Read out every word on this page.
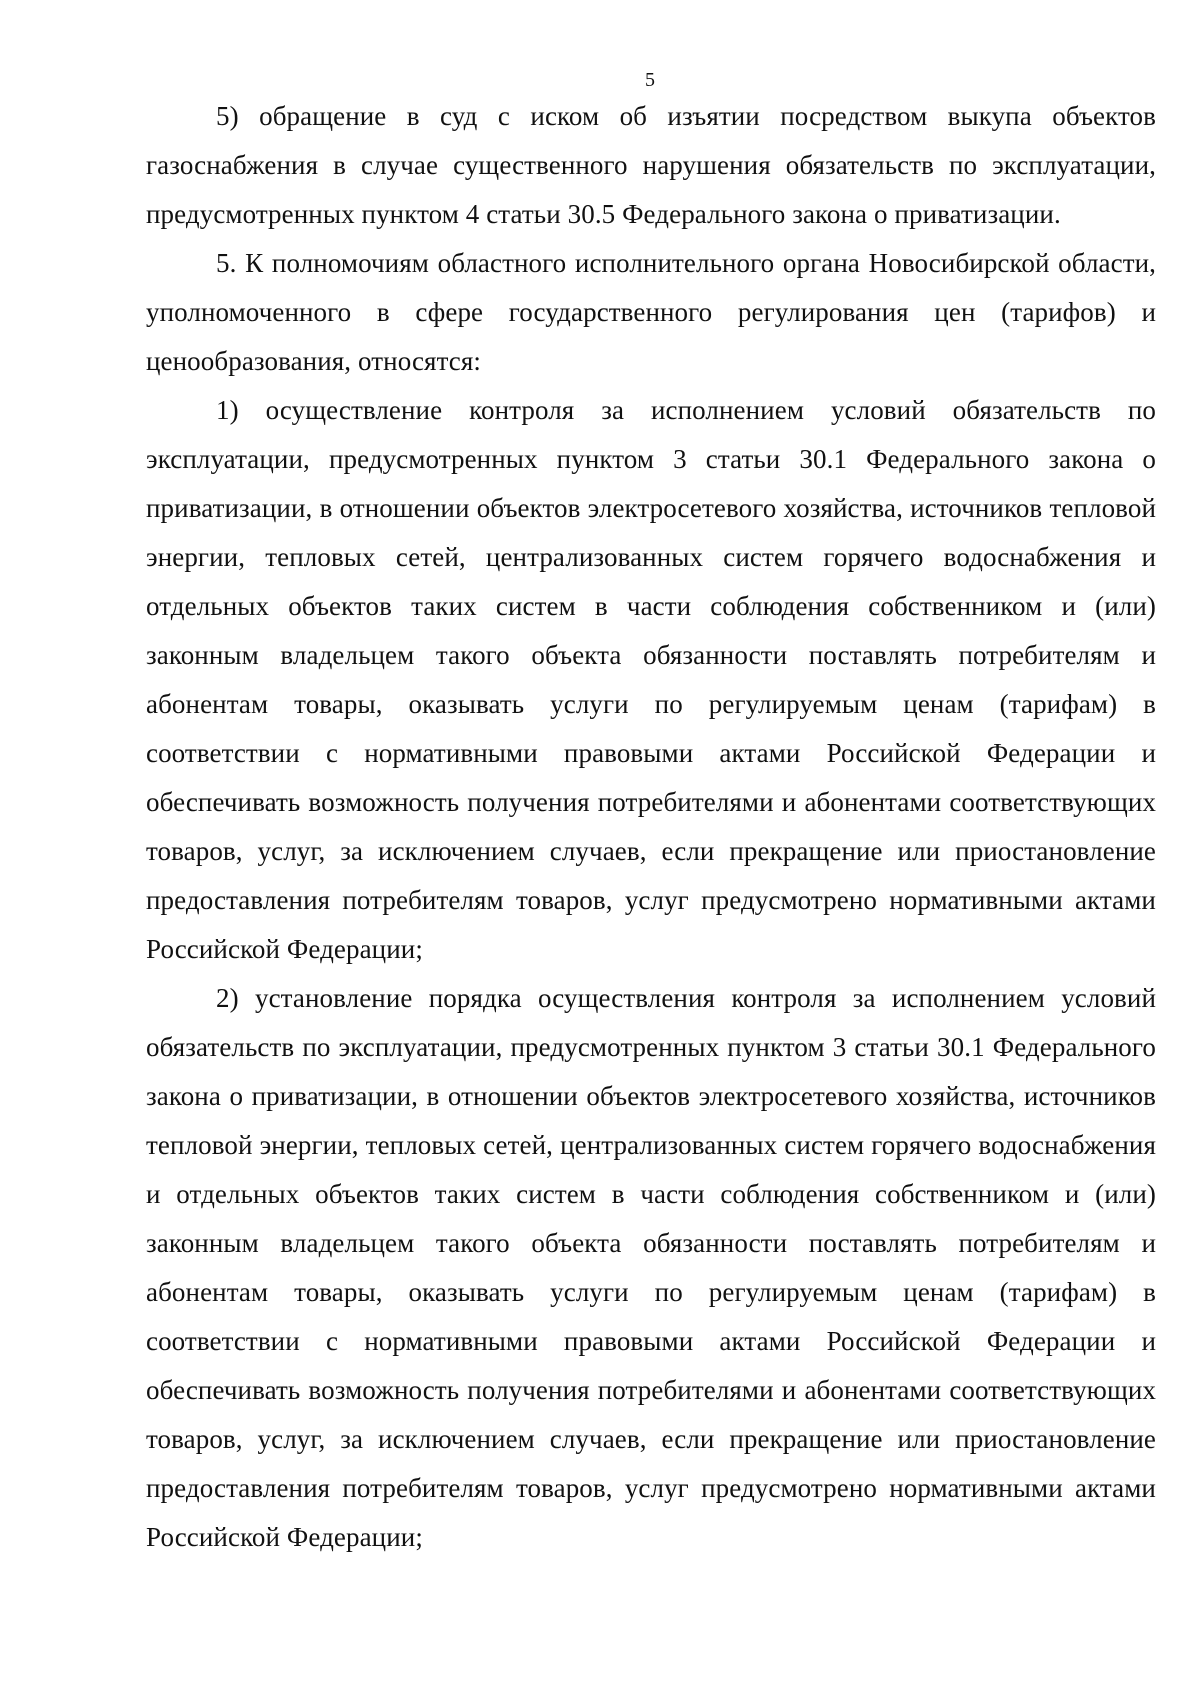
5

5) обращение в суд с иском об изъятии посредством выкупа объектов газоснабжения в случае существенного нарушения обязательств по эксплуатации, предусмотренных пунктом 4 статьи 30.5 Федерального закона о приватизации.

5. К полномочиям областного исполнительного органа Новосибирской области, уполномоченного в сфере государственного регулирования цен (тарифов) и ценообразования, относятся:

1) осуществление контроля за исполнением условий обязательств по эксплуатации, предусмотренных пунктом 3 статьи 30.1 Федерального закона о приватизации, в отношении объектов электросетевого хозяйства, источников тепловой энергии, тепловых сетей, централизованных систем горячего водоснабжения и отдельных объектов таких систем в части соблюдения собственником и (или) законным владельцем такого объекта обязанности поставлять потребителям и абонентам товары, оказывать услуги по регулируемым ценам (тарифам) в соответствии с нормативными правовыми актами Российской Федерации и обеспечивать возможность получения потребителями и абонентами соответствующих товаров, услуг, за исключением случаев, если прекращение или приостановление предоставления потребителям товаров, услуг предусмотрено нормативными актами Российской Федерации;

2) установление порядка осуществления контроля за исполнением условий обязательств по эксплуатации, предусмотренных пунктом 3 статьи 30.1 Федерального закона о приватизации, в отношении объектов электросетевого хозяйства, источников тепловой энергии, тепловых сетей, централизованных систем горячего водоснабжения и отдельных объектов таких систем в части соблюдения собственником и (или) законным владельцем такого объекта обязанности поставлять потребителям и абонентам товары, оказывать услуги по регулируемым ценам (тарифам) в соответствии с нормативными правовыми актами Российской Федерации и обеспечивать возможность получения потребителями и абонентами соответствующих товаров, услуг, за исключением случаев, если прекращение или приостановление предоставления потребителям товаров, услуг предусмотрено нормативными актами Российской Федерации;
